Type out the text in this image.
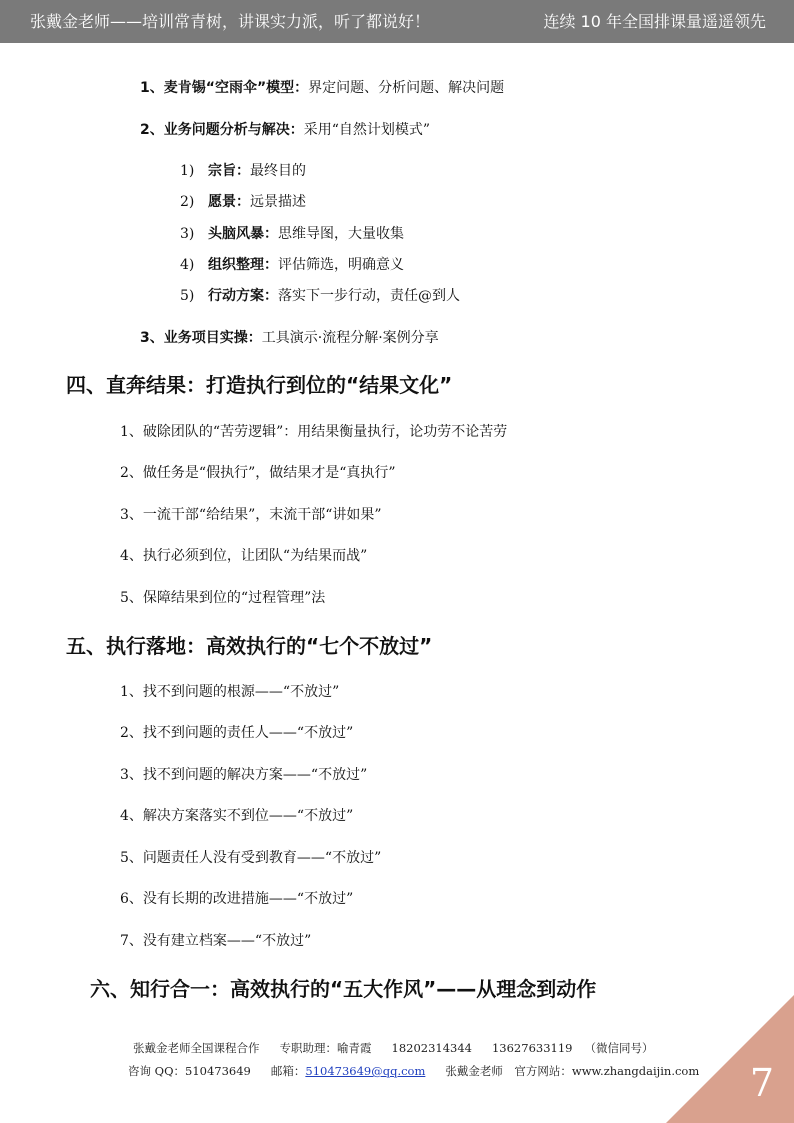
张戴金老师——培训常青树，讲课实力派，听了都说好！	连续 10 年全国排课量遥遥领先
1、麦肯锡“空雨伞”模型：界定问题、分析问题、解决问题
2、业务问题分析与解决：采用“自然计划模式”
1) 宗旨：最终目的
2) 愿景：远景描述
3) 头脑风暴：思维导图，大量收集
4) 组织整理：评估筛选，明确意义
5) 行动方案：落实下一步行动，责任@到人
3、业务项目实操：工具演示·流程分解·案例分享
四、直奔结果：打造执行到位的“结果文化”
1、破除团队的“苦劳逻辑”：用结果衡量执行，论功劳不论苦劳
2、做任务是“假执行”，做结果才是“真执行”
3、一流干部“给结果”，末流干部“讲如果”
4、执行必须到位，让团队“为结果而战”
5、保障结果到位的“过程管理”法
五、执行落地：高效执行的“七个不放过”
1、找不到问题的根源——“不放过”
2、找不到问题的责任人——“不放过”
3、找不到问题的解决方案——“不放过”
4、解决方案落实不到位——“不放过”
5、问题责任人没有受到教育——“不放过”
6、没有长期的改进措施——“不放过”
7、没有建立档案——“不放过”
六、知行合一：高效执行的“五大作风”——从理念到动作
张戴金老师全国课程合作 专职助理：喻青霞 18202314344 13627633119 （微信同号）
咨询 QQ：510473649 邮箱：510473649@qq.com 张戴金老师　官方网站：www.zhangdaijin.com 7
